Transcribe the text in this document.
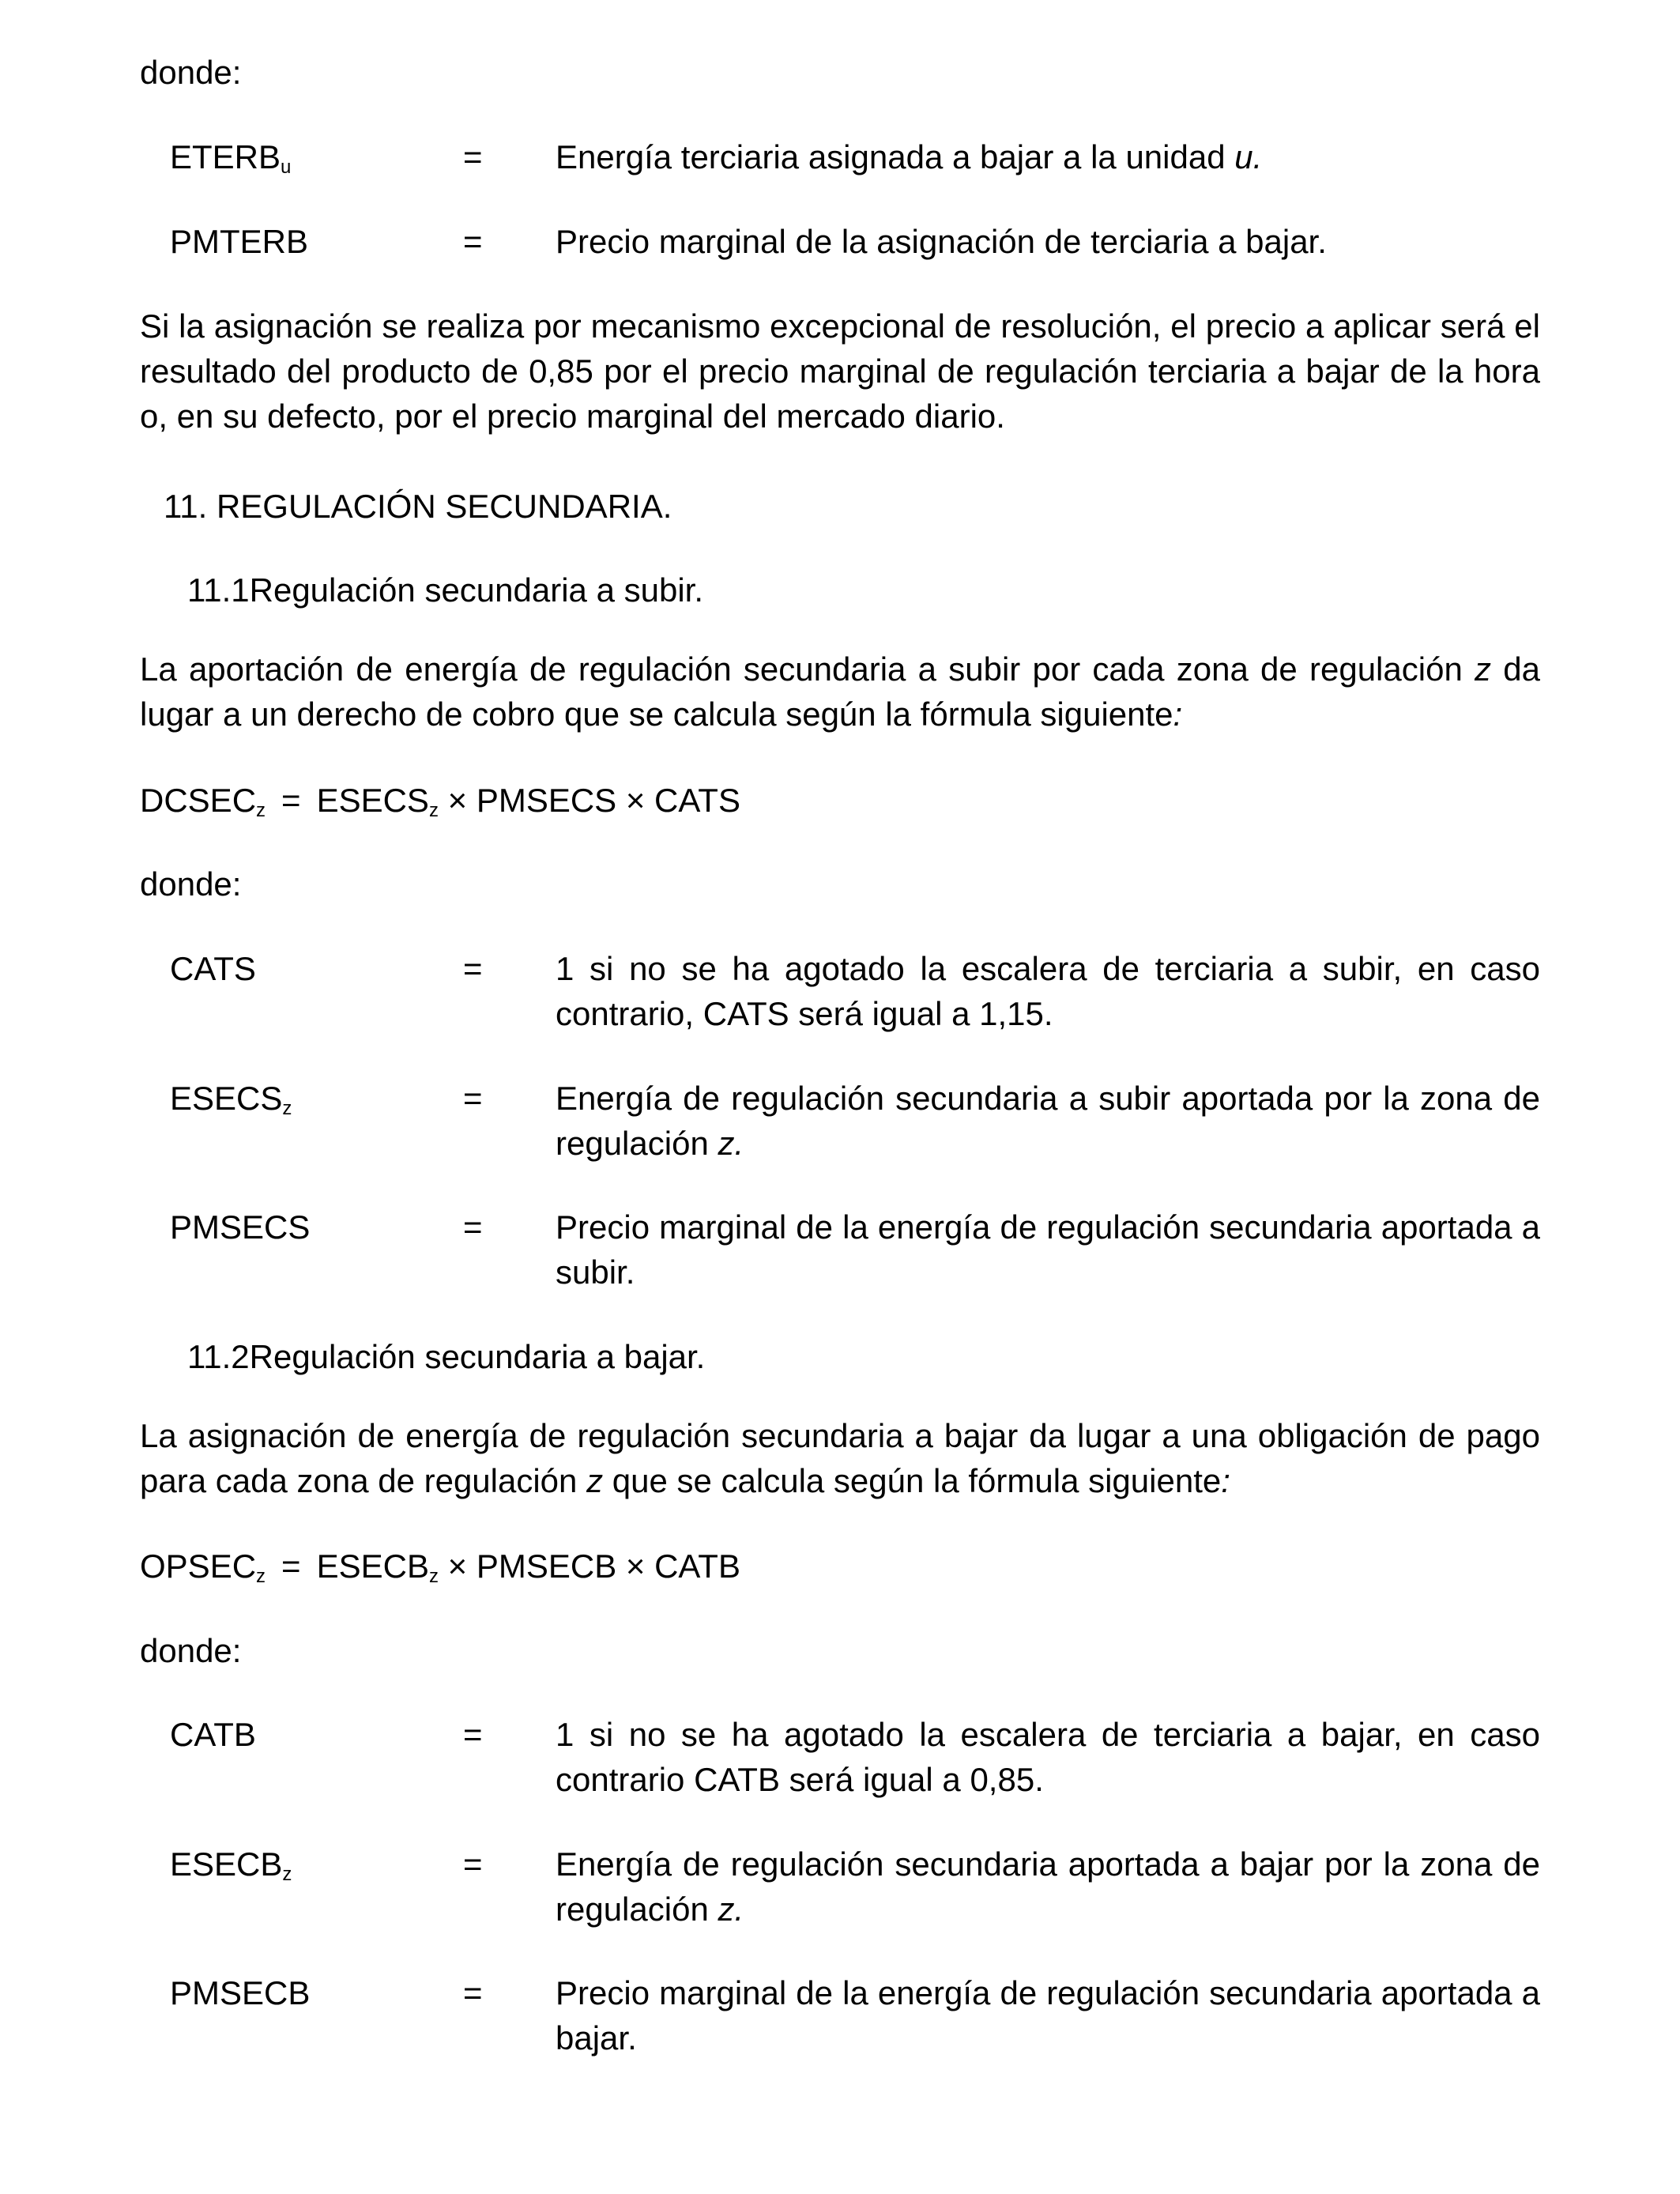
donde:
$ETERB_u$	= Energía terciaria asignada a bajar a la unidad u.

PMTERB	= Precio marginal de la asignación de terciaria a bajar.

Si la asignación se realiza por mecanismo excepcional de resolución, el precio a aplicar será el resultado del producto de 0,85 por el precio marginal de regulación terciaria a bajar de la hora o, en su defecto, por el precio marginal del mercado diario.

11. REGULACIÓN SECUNDARIA.
11.1Regulación secundaria a subir.

La aportación de energía de regulación secundaria a subir por cada zona de regulación z da lugar a un derecho de cobro que se calcula según la fórmula siguiente:

$DCSEC_z$ = $ESECS_z$ × PMSECS × CATS
donde:
CATS	= 1 si no se ha agotado la escalera de terciaria a subir, en caso contrario, CATS será igual a 1,15.

$ESECS_z$	= Energía de regulación secundaria a subir aportada por la zona de regulación z.

PMSECS	= Precio marginal de la energía de regulación secundaria aportada a subir.

11.2Regulación secundaria a bajar.

La asignación de energía de regulación secundaria a bajar da lugar a una obligación de pago para cada zona de regulación z que se calcula según la fórmula siguiente:

$OPSEC_z$ = $ESECB_z$ × PMSECB × CATB
donde:
CATB	= 1 si no se ha agotado la escalera de terciaria a bajar, en caso contrario CATB será igual a 0,85.

$ESECB_z$	= Energía de regulación secundaria aportada a bajar por la zona de regulación z.

PMSECB	= Precio marginal de la energía de regulación secundaria aportada a bajar.
